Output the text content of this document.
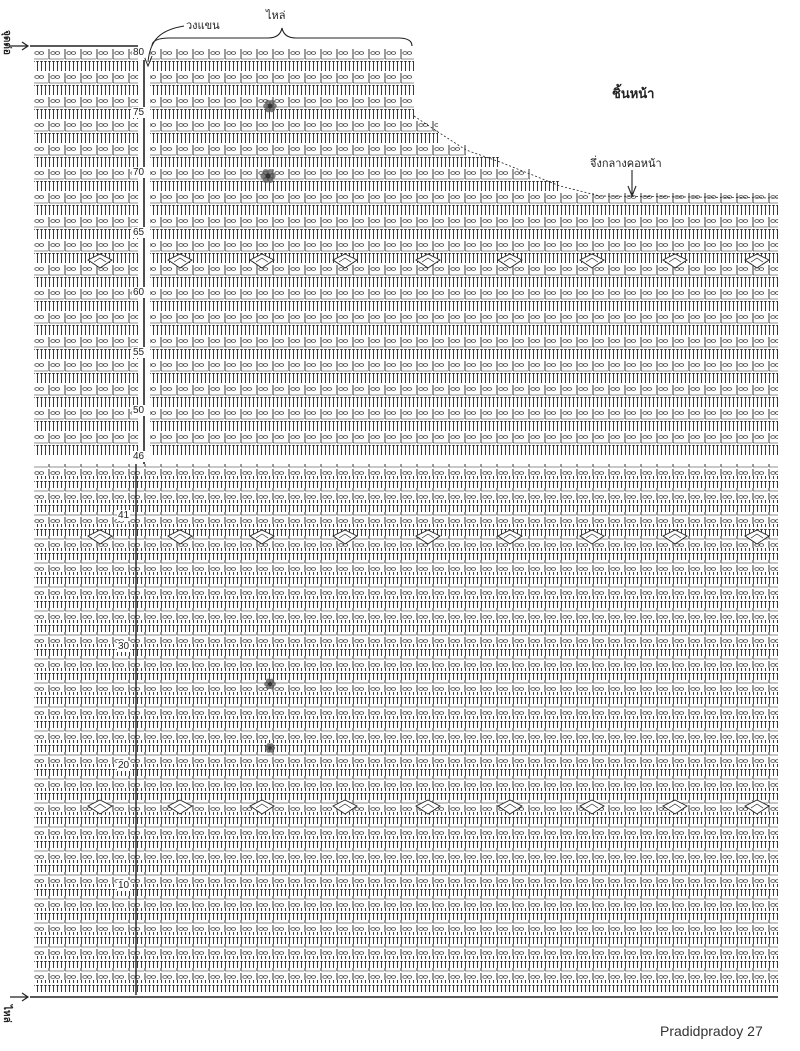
วงแขน
ไหล่
ชิ้นหน้า
จึ่งกลางคอหน้า
จุดต่อ
ไหล่
Pradidpradoy 27
80
75
70
65
60
55
50
46
41
30
20
10
